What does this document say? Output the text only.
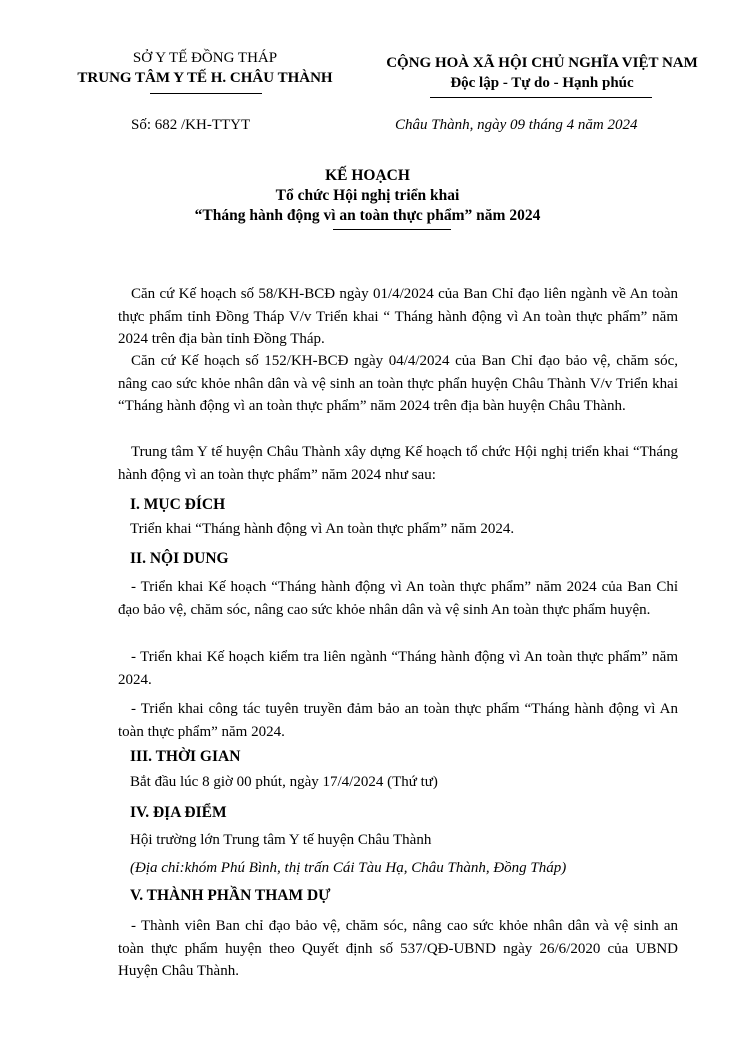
SỞ Y TẾ ĐỒNG THÁP
TRUNG TÂM Y TẾ H. CHÂU THÀNH
CỘNG HOÀ XÃ HỘI CHỦ NGHĨA VIỆT NAM
Độc lập - Tự do - Hạnh phúc
Số: 682 /KH-TTYT	Châu Thành, ngày 09 tháng 4 năm 2024
KẾ HOẠCH
Tổ chức Hội nghị triển khai
“Tháng hành động vì an toàn thực phẩm” năm 2024
Căn cứ Kế hoạch số 58/KH-BCĐ ngày 01/4/2024 của Ban Chỉ đạo liên ngành về An toàn thực phẩm tỉnh Đồng Tháp V/v Triển khai “ Tháng hành động vì An toàn thực phẩm” năm 2024 trên địa bàn tỉnh Đồng Tháp.
Căn cứ Kế hoạch số 152/KH-BCĐ ngày 04/4/2024 của Ban Chỉ đạo bảo vệ, chăm sóc, nâng cao sức khỏe nhân dân và vệ sinh an toàn thực phẩn huyện Châu Thành V/v Triển khai “Tháng hành động vì an toàn thực phẩm” năm 2024 trên địa bàn huyện Châu Thành.
Trung tâm Y tế huyện Châu Thành xây dựng Kế hoạch tổ chức Hội nghị triển khai “Tháng hành động vì an toàn thực phẩm” năm 2024 như sau:
I. MỤC ĐÍCH
Triển khai “Tháng hành động vì An toàn thực phẩm” năm 2024.
II. NỘI DUNG
- Triển khai Kế hoạch “Tháng hành động vì An toàn thực phẩm” năm 2024 của Ban Chỉ đạo bảo vệ, chăm sóc, nâng cao sức khỏe nhân dân và vệ sinh An toàn thực phẩm huyện.
- Triển khai Kế hoạch kiểm tra liên ngành “Tháng hành động vì An toàn thực phẩm” năm 2024.
- Triển khai công tác tuyên truyền đảm bảo an toàn thực phẩm “Tháng hành động vì An toàn thực phẩm” năm 2024.
III. THỜI GIAN
Bắt đầu lúc 8 giờ 00 phút, ngày 17/4/2024 (Thứ tư)
IV. ĐỊA ĐIỂM
Hội trường lớn Trung tâm Y tế huyện Châu Thành
(Địa chỉ:khóm Phú Bình, thị trấn Cái Tàu Hạ, Châu Thành, Đồng Tháp)
V. THÀNH PHẦN THAM DỰ
- Thành viên Ban chỉ đạo bảo vệ, chăm sóc, nâng cao sức khỏe nhân dân và vệ sinh an toàn thực phẩm huyện theo Quyết định số 537/QĐ-UBND ngày 26/6/2020 của UBND Huyện Châu Thành.
